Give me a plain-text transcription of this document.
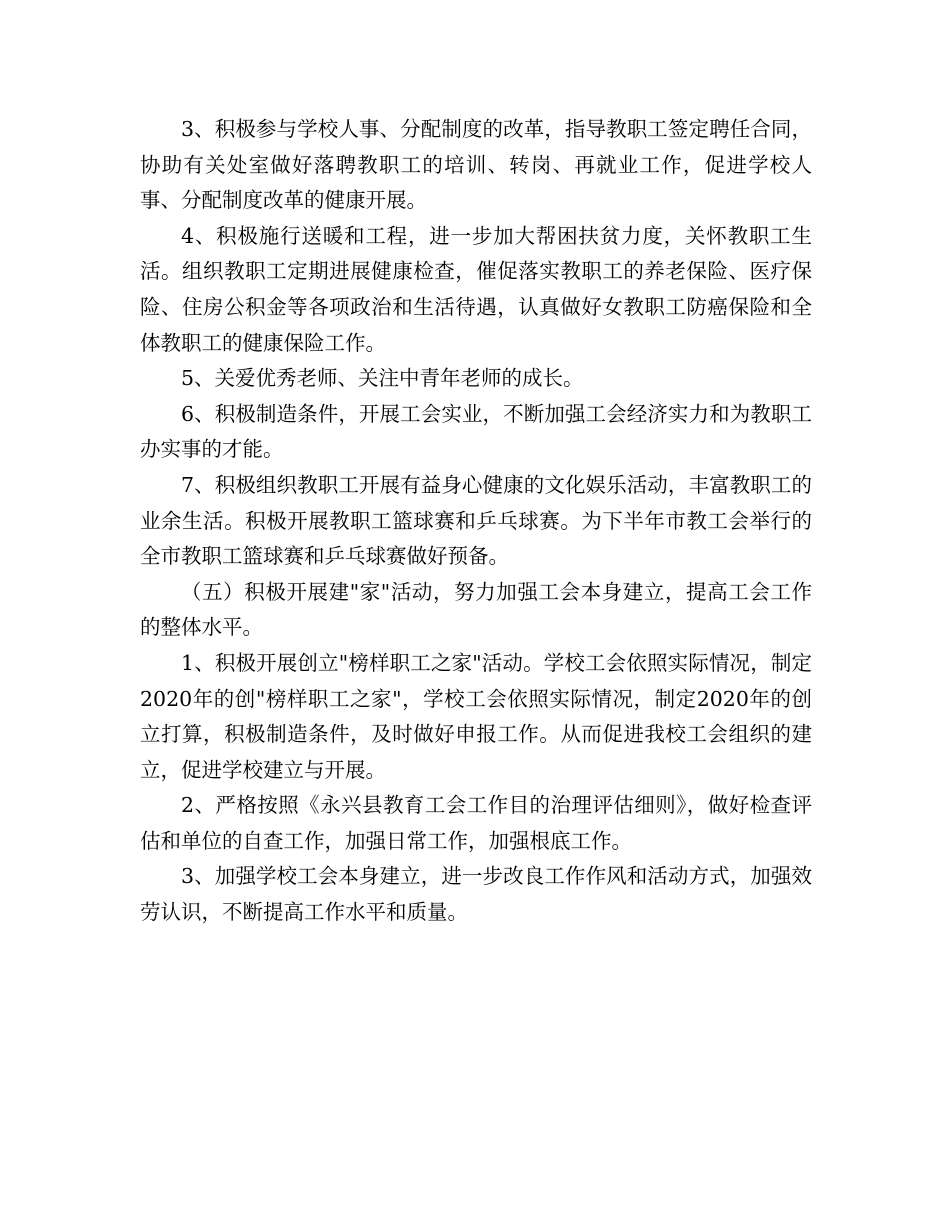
3、积极参与学校人事、分配制度的改革，指导教职工签定聘任合同，协助有关处室做好落聘教职工的培训、转岗、再就业工作，促进学校人事、分配制度改革的健康开展。

4、积极施行送暖和工程，进一步加大帮困扶贫力度，关怀教职工生活。组织教职工定期进展健康检查，催促落实教职工的养老保险、医疗保险、住房公积金等各项政治和生活待遇，认真做好女教职工防癌保险和全体教职工的健康保险工作。

5、关爱优秀老师、关注中青年老师的成长。

6、积极制造条件，开展工会实业，不断加强工会经济实力和为教职工办实事的才能。

7、积极组织教职工开展有益身心健康的文化娱乐活动，丰富教职工的业余生活。积极开展教职工篮球赛和乒乓球赛。为下半年市教工会举行的全市教职工篮球赛和乒乓球赛做好预备。

（五）积极开展建"家"活动，努力加强工会本身建立，提高工会工作的整体水平。

1、积极开展创立"榜样职工之家"活动。学校工会依照实际情况，制定2020年的创"榜样职工之家"，学校工会依照实际情况，制定2020年的创立打算，积极制造条件，及时做好申报工作。从而促进我校工会组织的建立，促进学校建立与开展。

2、严格按照《永兴县教育工会工作目的治理评估细则》，做好检查评估和单位的自查工作，加强日常工作，加强根底工作。

3、加强学校工会本身建立，进一步改良工作作风和活动方式，加强效劳认识，不断提高工作水平和质量。
